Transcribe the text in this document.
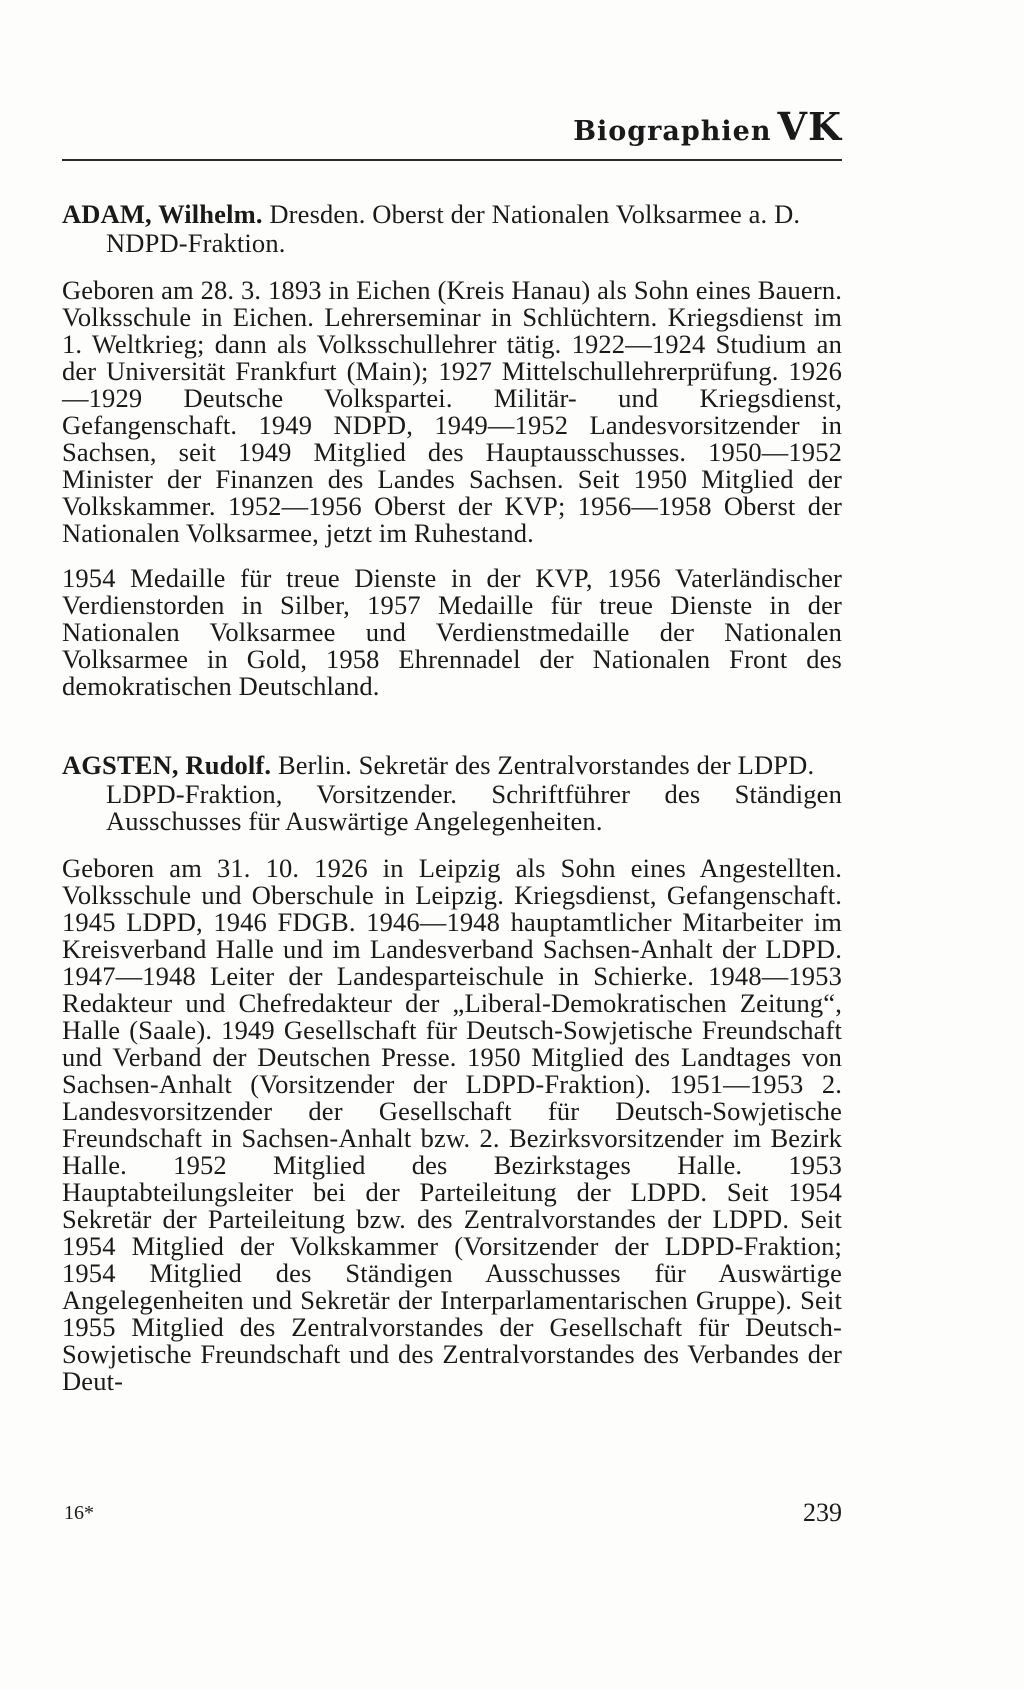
Biographien VK

ADAM, Wilhelm. Dresden. Oberst der Nationalen Volksarmee a. D.

NDPD-Fraktion.

Geboren am 28. 3. 1893 in Eichen (Kreis Hanau) als Sohn eines Bauern. Volksschule in Eichen. Lehrerseminar in Schlüchtern. Kriegsdienst im 1. Weltkrieg; dann als Volksschullehrer tätig. 1922—1924 Studium an der Universität Frankfurt (Main); 1927 Mittelschullehrerprüfung. 1926—1929 Deutsche Volkspartei. Militär- und Kriegsdienst, Gefangenschaft. 1949 NDPD, 1949—1952 Landesvorsitzender in Sachsen, seit 1949 Mitglied des Hauptausschusses. 1950—1952 Minister der Finanzen des Landes Sachsen. Seit 1950 Mitglied der Volkskammer. 1952—1956 Oberst der KVP; 1956—1958 Oberst der Nationalen Volksarmee, jetzt im Ruhestand.

1954 Medaille für treue Dienste in der KVP, 1956 Vaterländischer Verdienstorden in Silber, 1957 Medaille für treue Dienste in der Nationalen Volksarmee und Verdienstmedaille der Nationalen Volksarmee in Gold, 1958 Ehrennadel der Nationalen Front des demokratischen Deutschland.

AGSTEN, Rudolf. Berlin. Sekretär des Zentralvorstandes der LDPD.

LDPD-Fraktion, Vorsitzender. Schriftführer des Ständigen Ausschusses für Auswärtige Angelegenheiten.

Geboren am 31. 10. 1926 in Leipzig als Sohn eines Angestellten. Volksschule und Oberschule in Leipzig. Kriegsdienst, Gefangenschaft. 1945 LDPD, 1946 FDGB. 1946—1948 hauptamtlicher Mitarbeiter im Kreisverband Halle und im Landesverband Sachsen-Anhalt der LDPD. 1947—1948 Leiter der Landesparteischule in Schierke. 1948—1953 Redakteur und Chefredakteur der „Liberal-Demokratischen Zeitung“, Halle (Saale). 1949 Gesellschaft für Deutsch-Sowjetische Freundschaft und Verband der Deutschen Presse. 1950 Mitglied des Landtages von Sachsen-Anhalt (Vorsitzender der LDPD-Fraktion). 1951—1953 2. Landesvorsitzender der Gesellschaft für Deutsch-Sowjetische Freundschaft in Sachsen-Anhalt bzw. 2. Bezirksvorsitzender im Bezirk Halle. 1952 Mitglied des Bezirkstages Halle. 1953 Hauptabteilungsleiter bei der Parteileitung der LDPD. Seit 1954 Sekretär der Parteileitung bzw. des Zentralvorstandes der LDPD. Seit 1954 Mitglied der Volkskammer (Vorsitzender der LDPD-Fraktion; 1954 Mitglied des Ständigen Ausschusses für Auswärtige Angelegenheiten und Sekretär der Interparlamentarischen Gruppe). Seit 1955 Mitglied des Zentralvorstandes der Gesellschaft für Deutsch-Sowjetische Freundschaft und des Zentralvorstandes des Verbandes der Deut-

16*	239
